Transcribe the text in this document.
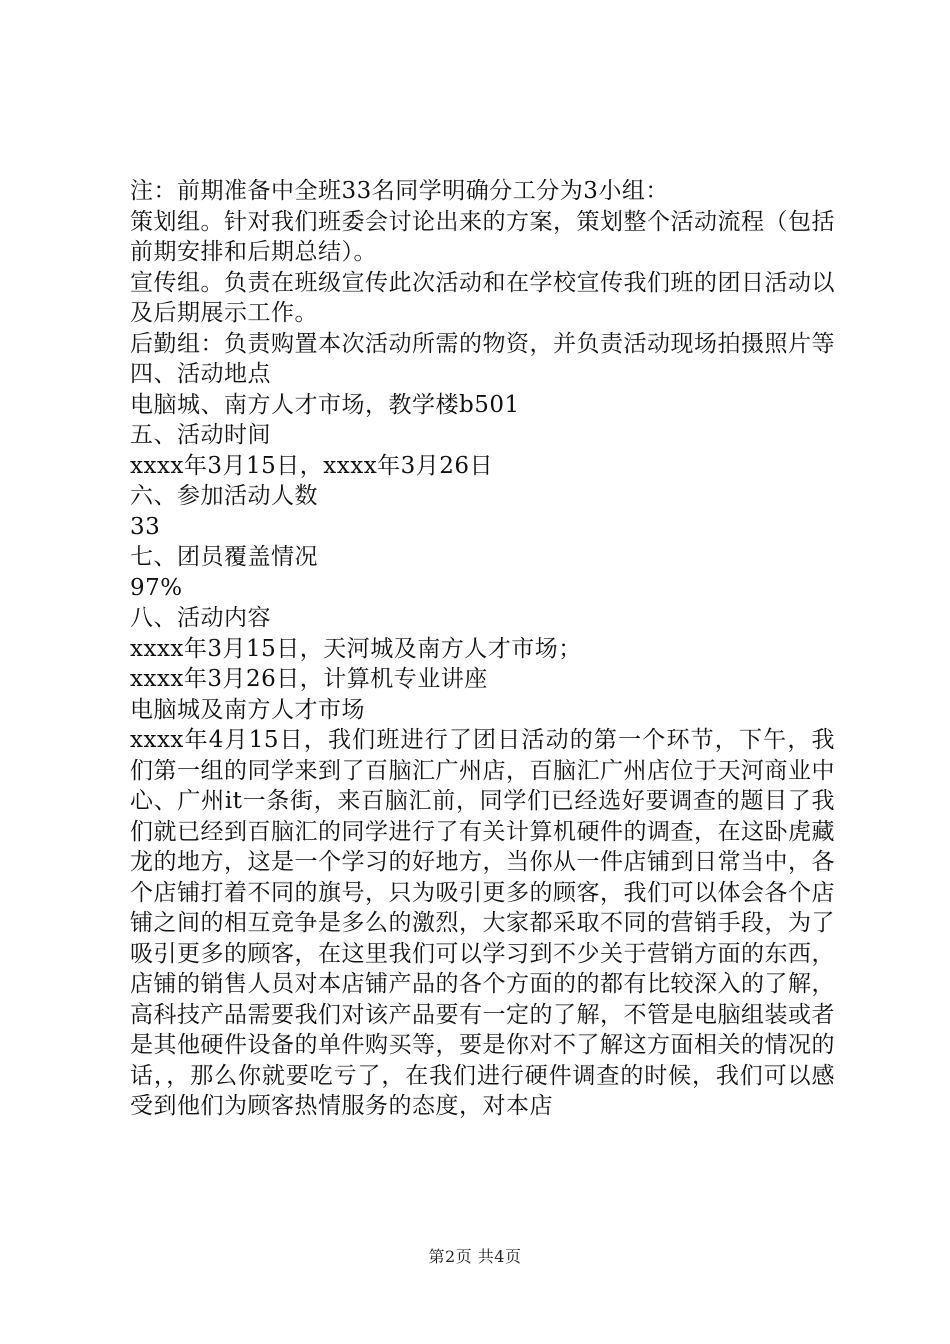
注：前期准备中全班33名同学明确分工分为3小组：

策划组。针对我们班委会讨论出来的方案，策划整个活动流程（包括前期安排和后期总结）。

宣传组。负责在班级宣传此次活动和在学校宣传我们班的团日活动以及后期展示工作。

后勤组：负责购置本次活动所需的物资，并负责活动现场拍摄照片等

四、活动地点

电脑城、南方人才市场，教学楼b501

五、活动时间

xxxx年3月15日，xxxx年3月26日

六、参加活动人数

33

七、团员覆盖情况

97%

八、活动内容

xxxx年3月15日，天河城及南方人才市场；

xxxx年3月26日，计算机专业讲座

电脑城及南方人才市场

xxxx年4月15日，我们班进行了团日活动的第一个环节，下午，我们第一组的同学来到了百脑汇广州店，百脑汇广州店位于天河商业中心、广州it一条街，来百脑汇前，同学们已经选好要调查的题目了我们就已经到百脑汇的同学进行了有关计算机硬件的调查，在这卧虎藏龙的地方，这是一个学习的好地方，当你从一件店铺到日常当中，各个店铺打着不同的旗号，只为吸引更多的顾客，我们可以体会各个店铺之间的相互竞争是多么的激烈，大家都采取不同的营销手段，为了吸引更多的顾客，在这里我们可以学习到不少关于营销方面的东西，店铺的销售人员对本店铺产品的各个方面的的都有比较深入的了解，高科技产品需要我们对该产品要有一定的了解，不管是电脑组装或者是其他硬件设备的单件购买等，要是你对不了解这方面相关的情况的话，，那么你就要吃亏了，在我们进行硬件调查的时候，我们可以感受到他们为顾客热情服务的态度，对本店

第2页 共4页
